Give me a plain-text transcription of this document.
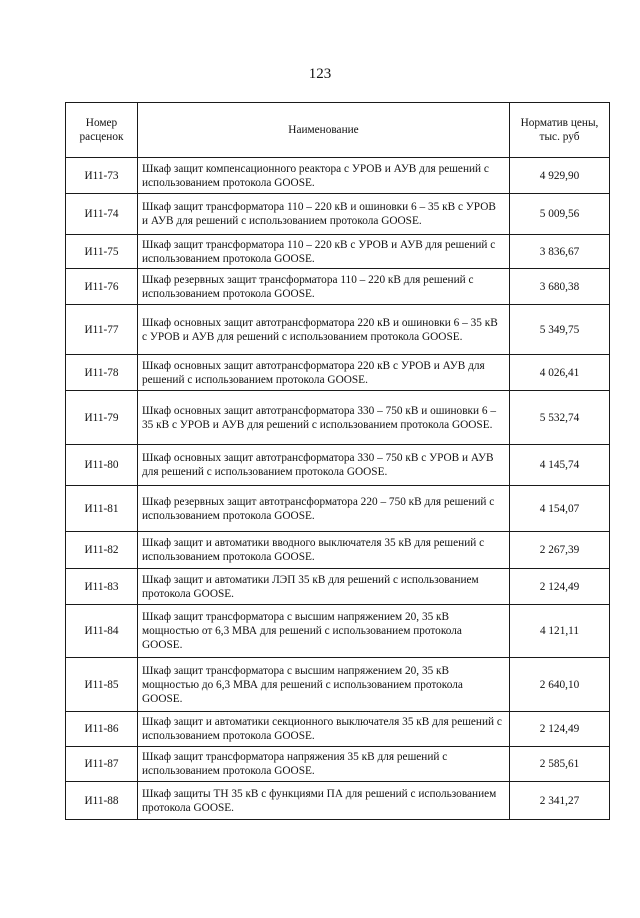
123
Номер расценок	Наименование	Норматив цены, тыс. руб
И11-73	Шкаф защит компенсационного реактора с УРОВ и АУВ для решений с использованием протокола GOOSE.	4 929,90
И11-74	Шкаф защит трансформатора 110 – 220 кВ и ошиновки 6 – 35 кВ с УРОВ и АУВ для решений с использованием протокола GOOSE.	5 009,56
И11-75	Шкаф защит трансформатора 110 – 220 кВ с УРОВ и АУВ для решений с использованием протокола GOOSE.	3 836,67
И11-76	Шкаф резервных защит трансформатора 110 – 220 кВ для решений с использованием протокола GOOSE.	3 680,38
И11-77	Шкаф основных защит автотрансформатора 220 кВ и ошиновки 6 – 35 кВ с УРОВ и АУВ для решений с использованием протокола GOOSE.	5 349,75
И11-78	Шкаф основных защит автотрансформатора 220 кВ с УРОВ и АУВ для решений с использованием протокола GOOSE.	4 026,41
И11-79	Шкаф основных защит автотрансформатора 330 – 750 кВ и ошиновки 6 – 35 кВ с УРОВ и АУВ для решений с использованием протокола GOOSE.	5 532,74
И11-80	Шкаф основных защит автотрансформатора 330 – 750 кВ с УРОВ и АУВ для решений с использованием протокола GOOSE.	4 145,74
И11-81	Шкаф резервных защит автотрансформатора 220 – 750 кВ для решений с использованием протокола GOOSE.	4 154,07
И11-82	Шкаф защит и автоматики вводного выключателя 35 кВ для решений с использованием протокола GOOSE.	2 267,39
И11-83	Шкаф защит и автоматики ЛЭП 35 кВ для решений с использованием протокола GOOSE.	2 124,49
И11-84	Шкаф защит трансформатора с высшим напряжением 20, 35 кВ мощностью от 6,3 МВА для решений с использованием протокола GOOSE.	4 121,11
И11-85	Шкаф защит трансформатора с высшим напряжением 20, 35 кВ мощностью до 6,3 МВА для решений с использованием протокола GOOSE.	2 640,10
И11-86	Шкаф защит и автоматики секционного выключателя 35 кВ для решений с использованием протокола GOOSE.	2 124,49
И11-87	Шкаф защит трансформатора напряжения 35 кВ для решений с использованием протокола GOOSE.	2 585,61
И11-88	Шкаф защиты ТН 35 кВ с функциями ПА для решений с использованием протокола GOOSE.	2 341,27
